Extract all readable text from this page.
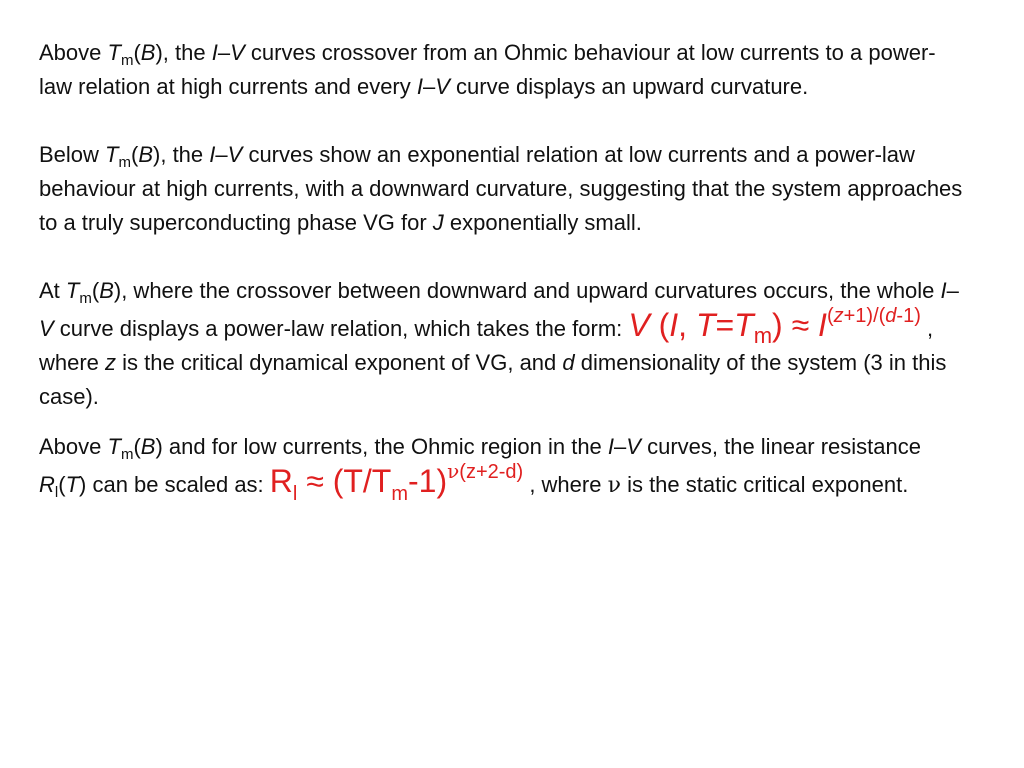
Above $T_m(B)$, the I–V curves crossover from an Ohmic behaviour at low currents to a power-law relation at high currents and every I–V curve displays an upward curvature.

Below $T_m(B)$, the I–V curves show an exponential relation at low currents and a power-law behaviour at high currents, with a downward curvature, suggesting that the system approaches to a truly superconducting phase VG for J exponentially small.

At $T_m(B)$, where the crossover between downward and upward curvatures occurs, the whole I–V curve displays a power-law relation, which takes the form: V (I, $T=T_m) \approx I^{(z+1)/(d-1)}$ , where z is the critical dynamical exponent of VG, and d dimensionality of the system (3 in this case).

Above $T_m(B)$ and for low currents, the Ohmic region in the I–V curves, the linear resistance $R_l(T)$ can be scaled as: $R_l \approx (T/T_m-1)^{\nu(z+2-d)}$ , where ν is the static critical exponent.
